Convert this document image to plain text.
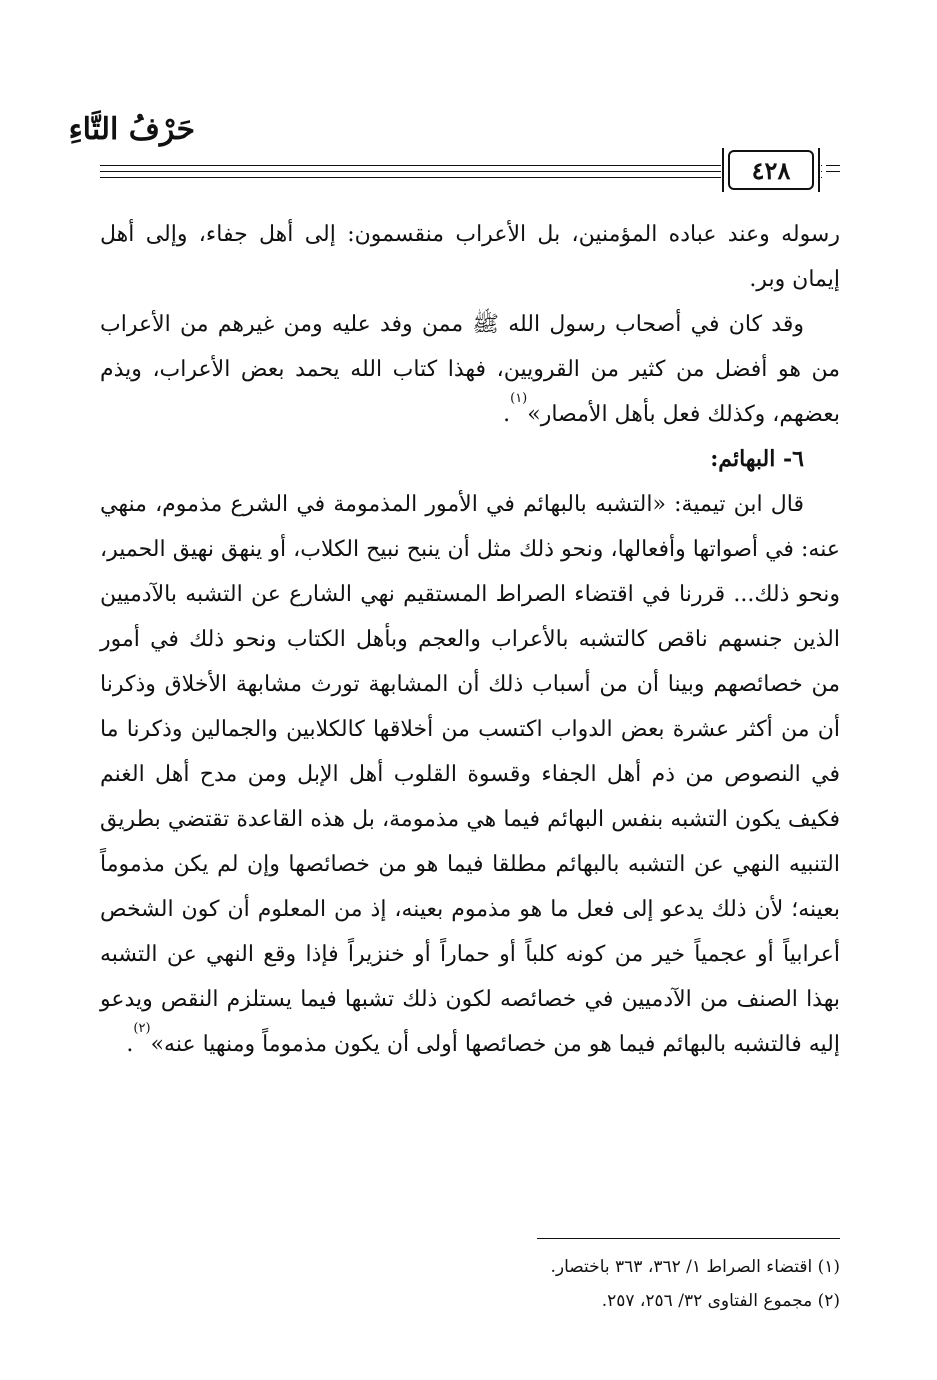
حَرْفُ التَّاءِ
٤٢٨

رسوله وعند عباده المؤمنين، بل الأعراب منقسمون: إلى أهل جفاء، وإلى أهل إيمان وبر.

وقد كان في أصحاب رسول الله ﷺ ممن وفد عليه ومن غيرهم من الأعراب من هو أفضل من كثير من القرويين، فهذا كتاب الله يحمد بعض الأعراب، ويذم بعضهم، وكذلك فعل بأهل الأمصار»$^{(١)}$.

٦- البهائم:

قال ابن تيمية: «التشبه بالبهائم في الأمور المذمومة في الشرع مذموم، منهي عنه: في أصواتها وأفعالها، ونحو ذلك مثل أن ينبح نبيح الكلاب، أو ينهق نهيق الحمير، ونحو ذلك... قررنا في اقتضاء الصراط المستقيم نهي الشارع عن التشبه بالآدميين الذين جنسهم ناقص كالتشبه بالأعراب والعجم وبأهل الكتاب ونحو ذلك في أمور من خصائصهم وبينا أن من أسباب ذلك أن المشابهة تورث مشابهة الأخلاق وذكرنا أن من أكثر عشرة بعض الدواب اكتسب من أخلاقها كالكلابين والجمالين وذكرنا ما في النصوص من ذم أهل الجفاء وقسوة القلوب أهل الإبل ومن مدح أهل الغنم فكيف يكون التشبه بنفس البهائم فيما هي مذمومة، بل هذه القاعدة تقتضي بطريق التنبيه النهي عن التشبه بالبهائم مطلقا فيما هو من خصائصها وإن لم يكن مذموماً بعينه؛ لأن ذلك يدعو إلى فعل ما هو مذموم بعينه، إذ من المعلوم أن كون الشخص أعرابياً أو عجمياً خير من كونه كلباً أو حماراً أو خنزيراً فإذا وقع النهي عن التشبه بهذا الصنف من الآدميين في خصائصه لكون ذلك تشبها فيما يستلزم النقص ويدعو إليه فالتشبه بالبهائم فيما هو من خصائصها أولى أن يكون مذموماً ومنهيا عنه»$^{(٢)}$.

(١) اقتضاء الصراط ١/ ٣٦٢، ٣٦٣ باختصار.
(٢) مجموع الفتاوى ٣٢/ ٢٥٦، ٢٥٧.
